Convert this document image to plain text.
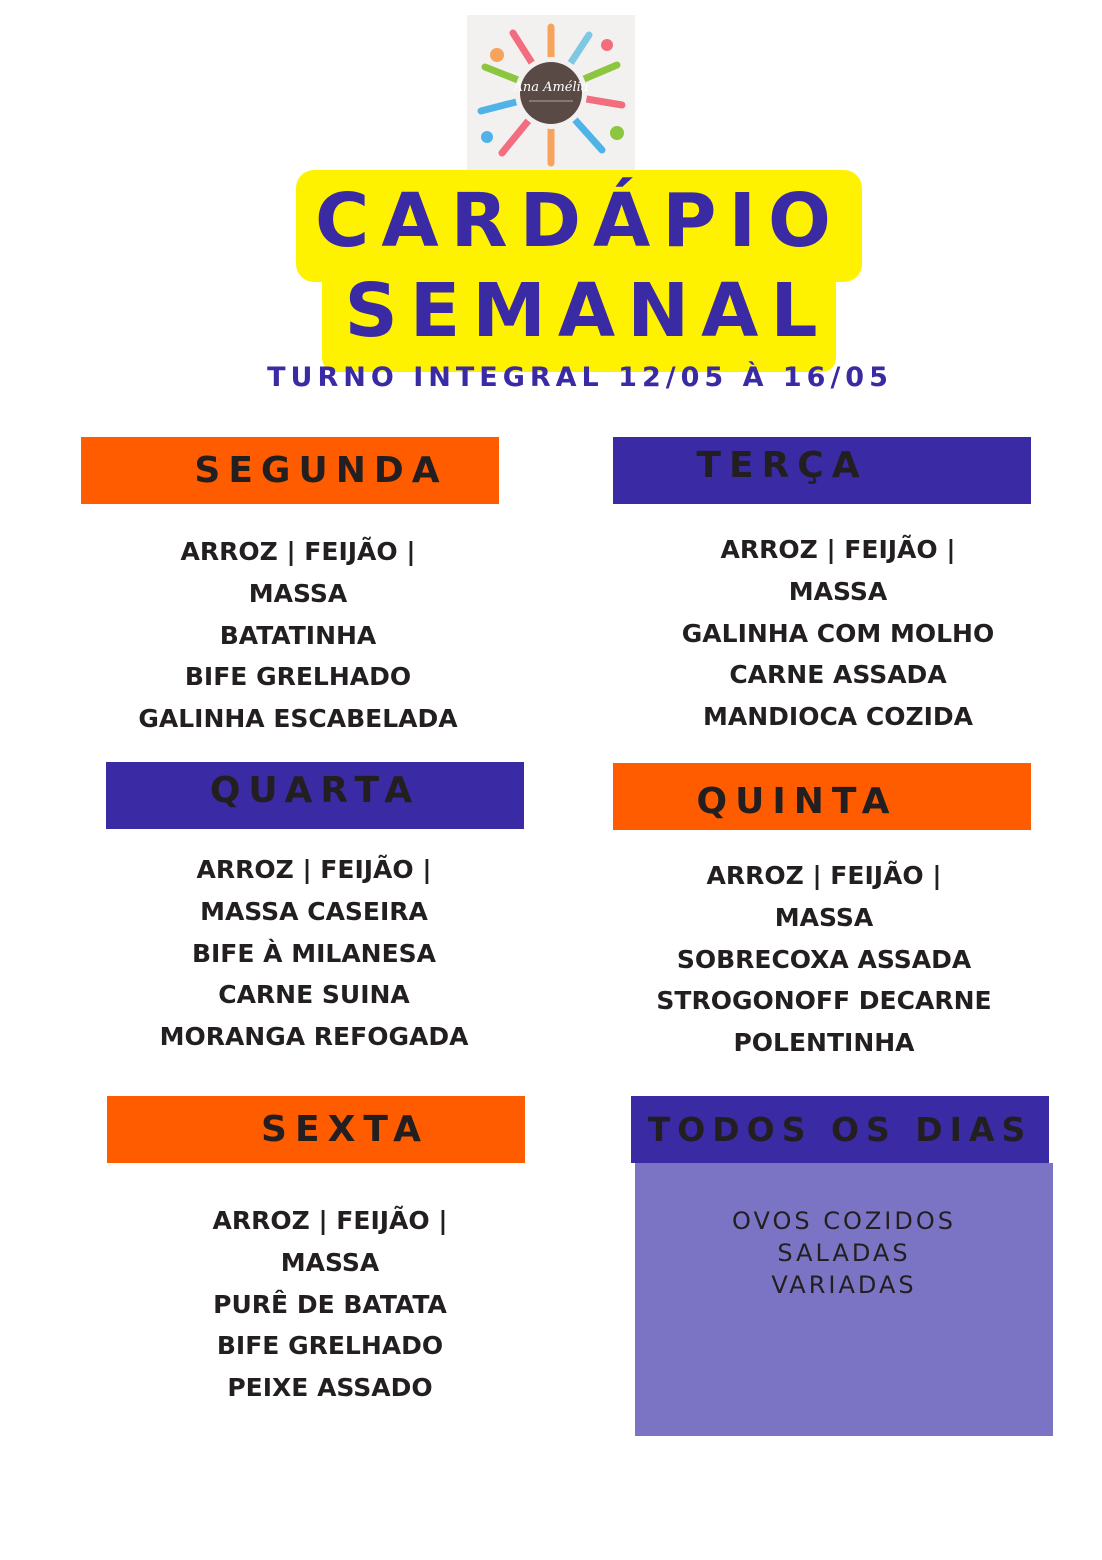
Ana Amélia
CARDÁPIO
SEMANAL
TURNO INTEGRAL 12/05 À 16/05
SEGUNDA
ARROZ | FEIJÃO |
MASSA
BATATINHA
BIFE GRELHADO
GALINHA ESCABELADA
TERÇA
ARROZ | FEIJÃO |
MASSA
GALINHA COM MOLHO
CARNE ASSADA
MANDIOCA COZIDA
QUARTA
ARROZ | FEIJÃO |
MASSA CASEIRA
BIFE À MILANESA
CARNE SUINA
MORANGA REFOGADA
QUINTA
ARROZ | FEIJÃO |
MASSA
SOBRECOXA ASSADA
STROGONOFF DECARNE
POLENTINHA
SEXTA
ARROZ | FEIJÃO |
MASSA
PURÊ DE BATATA
BIFE GRELHADO
PEIXE ASSADO
TODOS OS DIAS
OVOS COZIDOS
SALADAS
VARIADAS
